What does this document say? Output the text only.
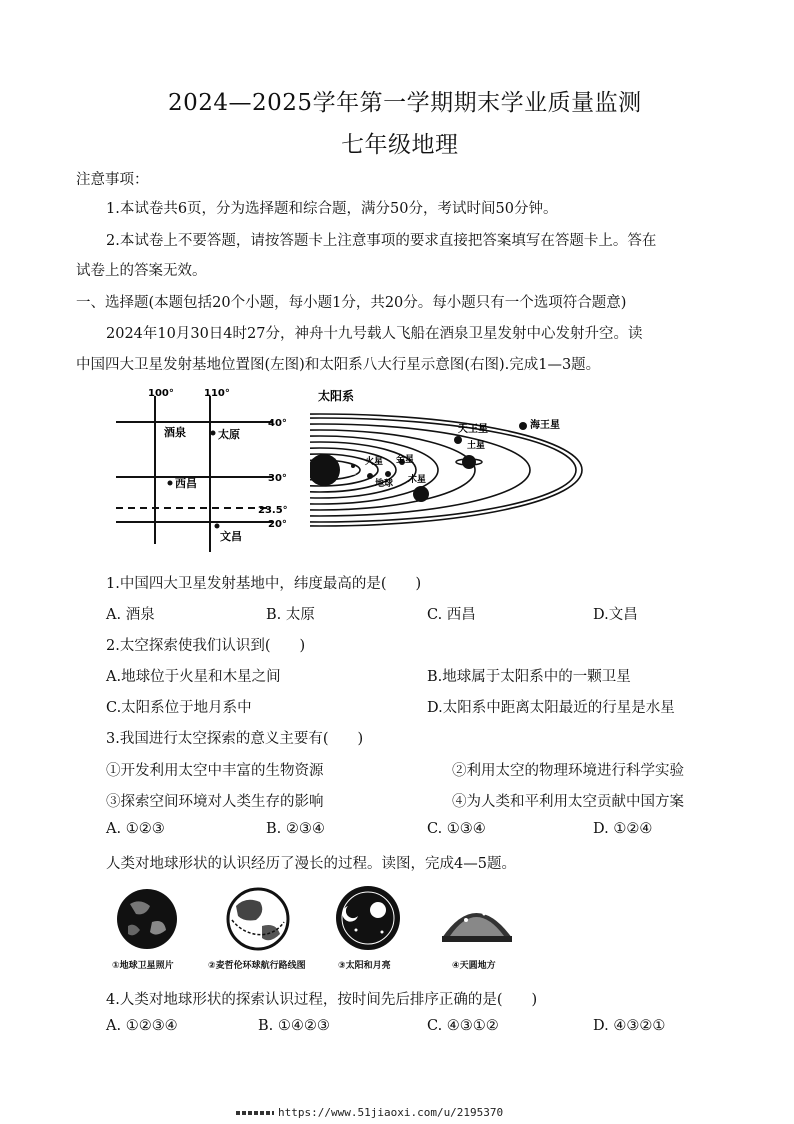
2024—2025学年第一学期期末学业质量监测
七年级地理
注意事项：
1.本试卷共6页，分为选择题和综合题，满分50分，考试时间50分钟。
2.本试卷上不要答题，请按答题卡上注意事项的要求直接把答案填写在答题卡上。答在
试卷上的答案无效。
一、选择题(本题包括20个小题，每小题1分，共20分。每小题只有一个选项符合题意)
2024年10月30日4时27分，神舟十九号载人飞船在酒泉卫星发射中心发射升空。读
中国四大卫星发射基地位置图(左图)和太阳系八大行星示意图(右图).完成1—3题。
100°	110°
40°
30°
23.5°
20°
酒泉	太原
西昌
文昌
太阳系
天王星	海王星
土星
火星 金星
地球 木星
水星
1.中国四大卫星发射基地中，纬度最高的是(　　)
A. 酒泉	B. 太原	C. 西昌	D.文昌
2.太空探索使我们认识到(　　)
A.地球位于火星和木星之间	B.地球属于太阳系中的一颗卫星
C.太阳系位于地月系中	D.太阳系中距离太阳最近的行星是水星
3.我国进行太空探索的意义主要有(　　)
①开发利用太空中丰富的生物资源	②利用太空的物理环境进行科学实验
③探索空间环境对人类生存的影响	④为人类和平利用太空贡献中国方案
A. ①②③	B. ②③④	C. ①③④	D. ①②④
人类对地球形状的认识经历了漫长的过程。读图，完成4—5题。
①地球卫星照片	②麦哲伦环球航行路线图	③太阳和月亮	④天圆地方
4.人类对地球形状的探索认识过程，按时间先后排序正确的是(　　)
A. ①②③④	B. ①④②③	C. ④③①②	D. ④③②①
https://www.51jiaoxi.com/u/2195370
